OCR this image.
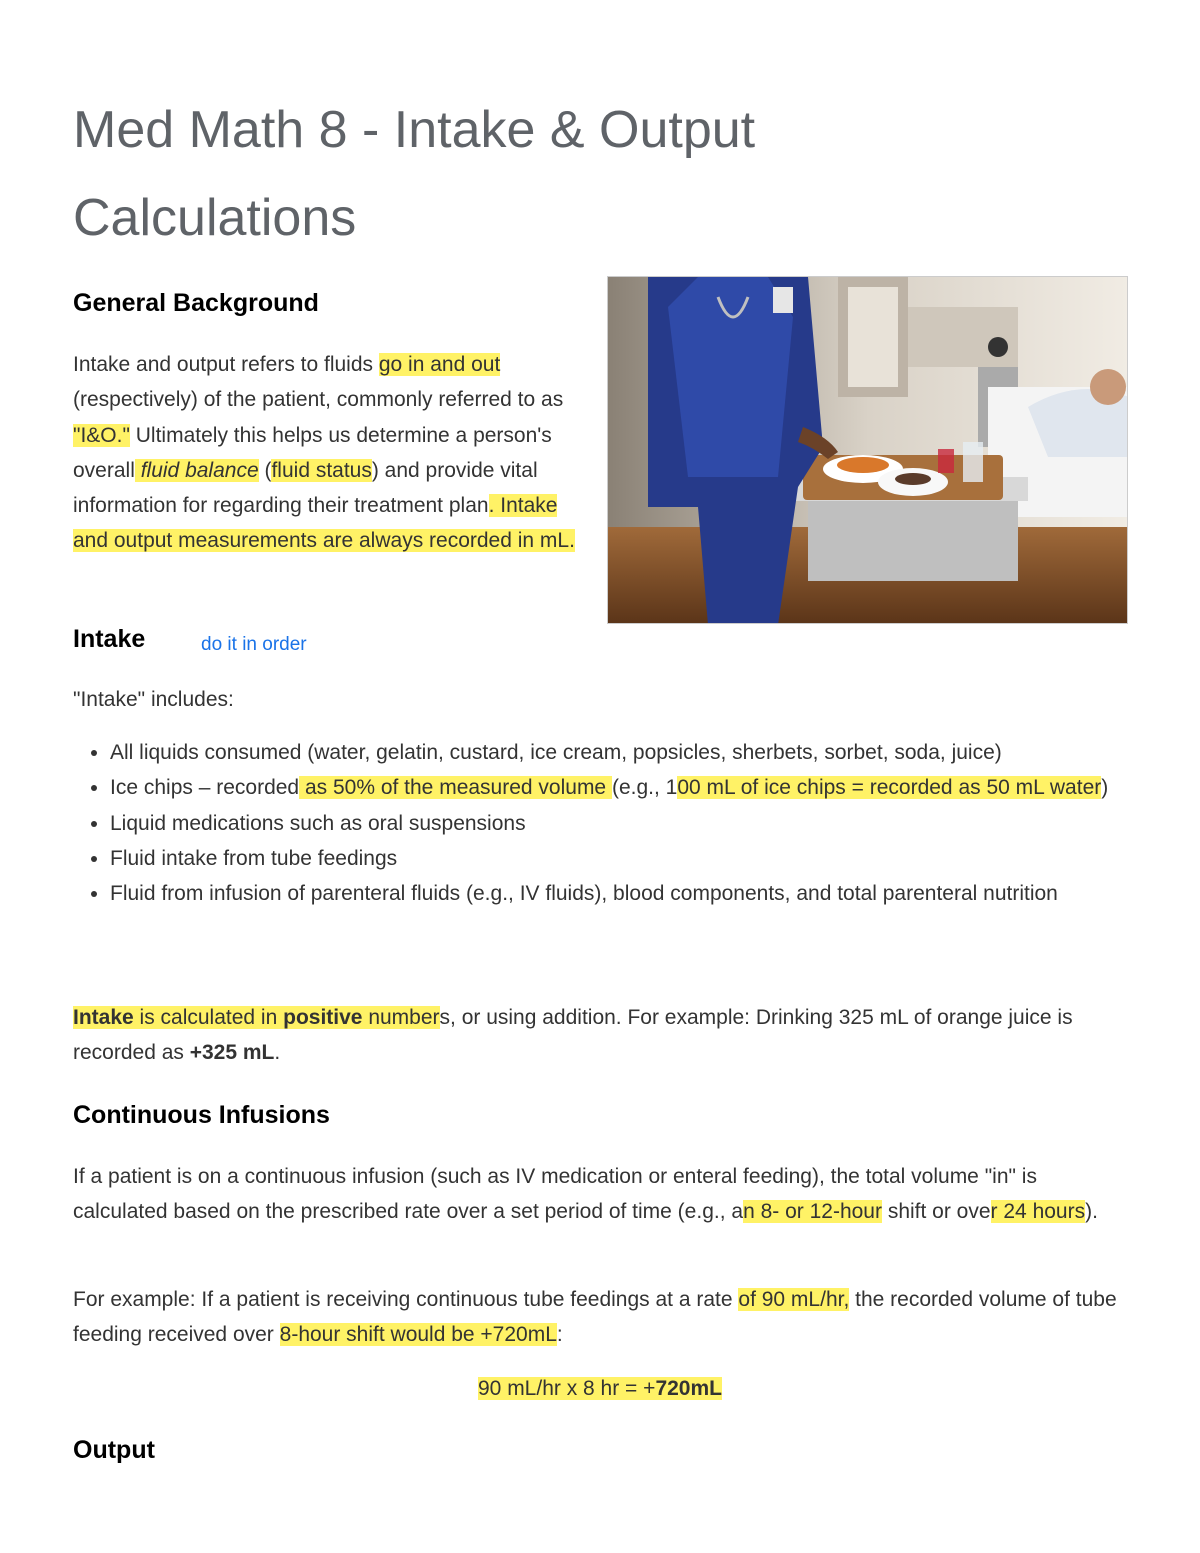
Med Math 8 - Intake & Output
Calculations
General Background

Intake and output refers to fluids go in and out (respectively) of the patient, commonly referred to as "I&O." Ultimately this helps us determine a person's overall fluid balance (fluid status) and provide vital information for regarding their treatment plan. Intake and output measurements are always recorded in mL.

Intake	do it in order

"Intake" includes:

• All liquids consumed (water, gelatin, custard, ice cream, popsicles, sherbets, sorbet, soda, juice)
• Ice chips – recorded as 50% of the measured volume (e.g., 100 mL of ice chips = recorded as 50 mL water)
• Liquid medications such as oral suspensions
• Fluid intake from tube feedings
• Fluid from infusion of parenteral fluids (e.g., IV fluids), blood components, and total parenteral nutrition

Intake is calculated in positive numbers, or using addition. For example: Drinking 325 mL of orange juice is recorded as +325 mL.

Continuous Infusions

If a patient is on a continuous infusion (such as IV medication or enteral feeding), the total volume "in" is calculated based on the prescribed rate over a set period of time (e.g., an 8- or 12-hour shift or over 24 hours).

For example: If a patient is receiving continuous tube feedings at a rate of 90 mL/hr, the recorded volume of tube feeding received over 8-hour shift would be +720mL:

90 mL/hr x 8 hr = +720mL
Output
